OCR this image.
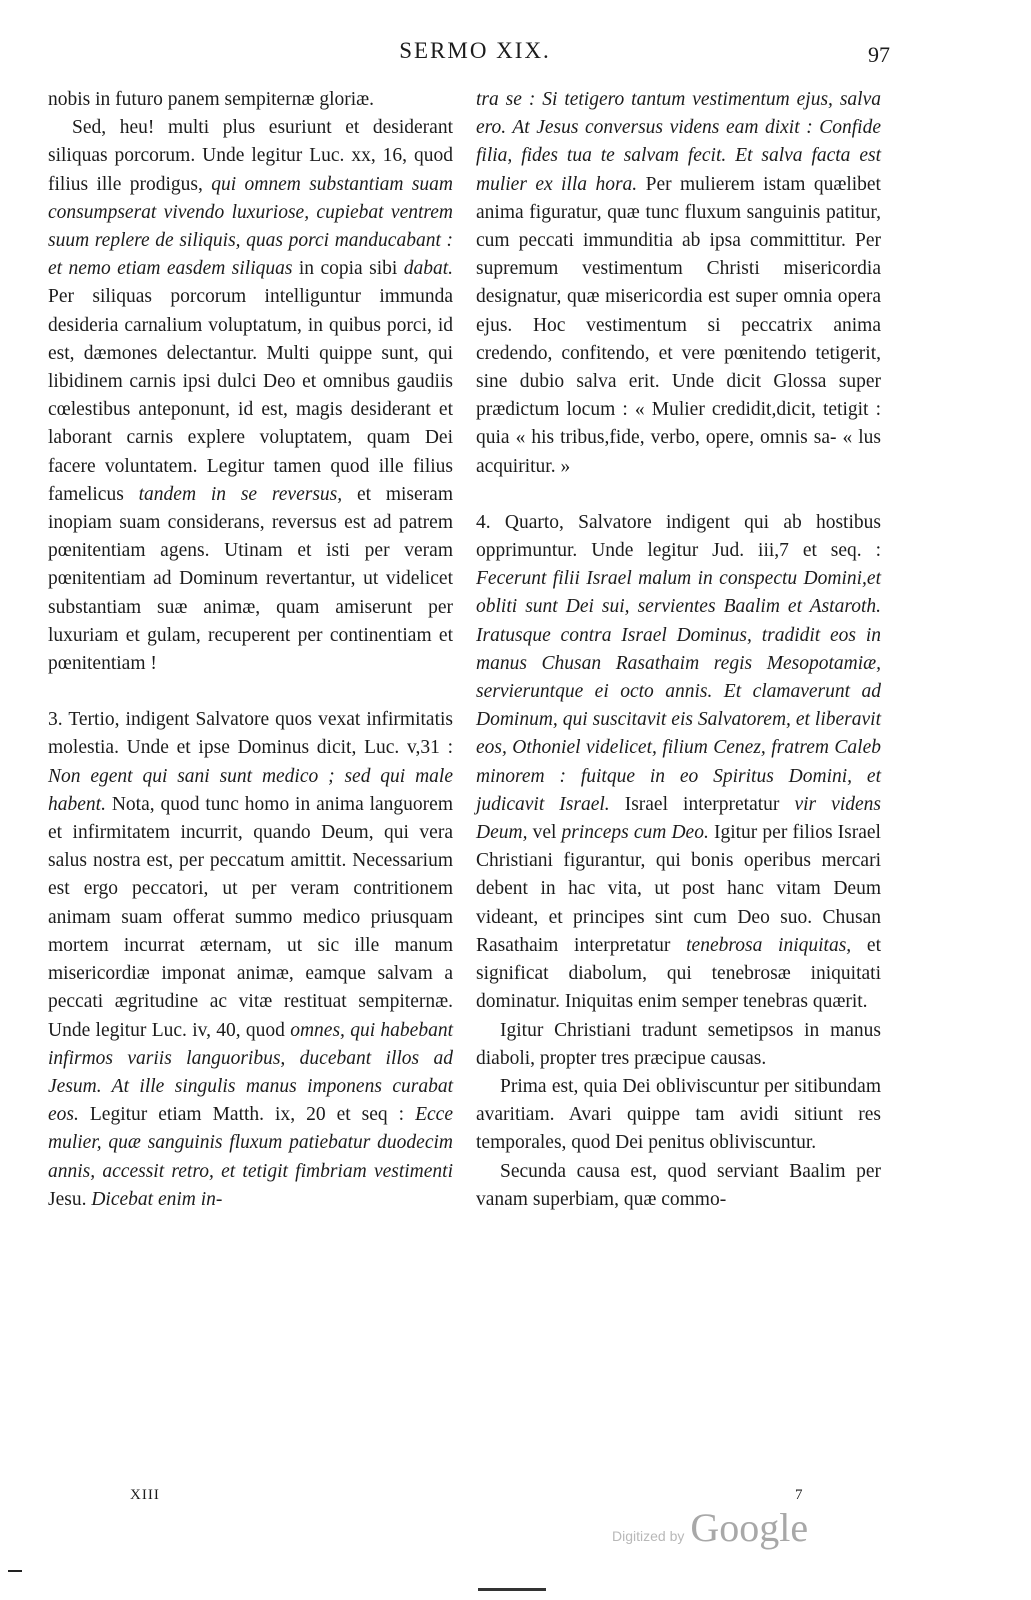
SERMO XIX.	97

nobis in futuro panem sempiternæ gloriæ.

Sed, heu! multi plus esuriunt et desiderant siliquas porcorum. Unde legitur Luc. xx, 16, quod filius ille prodigus, qui omnem substantiam suam consumpserat vivendo luxuriose, cupiebat ventrem suum replere de siliquis, quas porci manducabant : et nemo etiam easdem siliquas in copia sibi dabat. Per siliquas porcorum intelliguntur immunda desideria carnalium voluptatum, in quibus porci, id est, dæmones delectantur. Multi quippe sunt, qui libidinem carnis ipsi dulci Deo et omnibus gaudiis cœlestibus anteponunt, id est, magis desiderant et laborant carnis explere voluptatem, quam Dei facere voluntatem. Legitur tamen quod ille filius famelicus tandem in se reversus, et miseram inopiam suam considerans, reversus est ad patrem pœnitentiam agens. Utinam et isti per veram pœnitentiam ad Dominum revertantur, ut videlicet substantiam suæ animæ, quam amiserunt per luxuriam et gulam, recuperent per continentiam et pœnitentiam !

3. Tertio, indigent Salvatore quos vexat infirmitatis molestia. Unde et ipse Dominus dicit, Luc. v,31 : Non egent qui sani sunt medico ; sed qui male habent. Nota, quod tunc homo in anima languorem et infirmitatem incurrit, quando Deum, qui vera salus nostra est, per peccatum amittit. Necessarium est ergo peccatori, ut per veram contritionem animam suam offerat summo medico priusquam mortem incurrat æternam, ut sic ille manum misericordiæ imponat animæ, eamque salvam a peccati ægritudine ac vitæ restituat sempiternæ. Unde legitur Luc. iv, 40, quod omnes, qui habebant infirmos variis languoribus, ducebant illos ad Jesum. At ille singulis manus imponens curabat eos. Legitur etiam Matth. ix, 20 et seq : Ecce mulier, quæ sanguinis fluxum patiebatur duodecim annis, accessit retro, et tetigit fimbriam vestimenti Jesu. Dicebat enim in-

tra se : Si tetigero tantum vestimentum ejus, salva ero. At Jesus conversus videns eam dixit : Confide filia, fides tua te salvam fecit. Et salva facta est mulier ex illa hora. Per mulierem istam quælibet anima figuratur, quæ tunc fluxum sanguinis patitur, cum peccati immunditia ab ipsa committitur. Per supremum vestimentum Christi misericordia designatur, quæ misericordia est super omnia opera ejus. Hoc vestimentum si peccatrix anima credendo, confitendo, et vere pœnitendo tetigerit, sine dubio salva erit. Unde dicit Glossa super prædictum locum : « Mulier credidit,dicit, tetigit : quia « his tribus,fide, verbo, opere, omnis sa- « lus acquiritur. »

4. Quarto, Salvatore indigent qui ab hostibus opprimuntur. Unde legitur Jud. iii,7 et seq. : Fecerunt filii Israel malum in conspectu Domini,et obliti sunt Dei sui, servientes Baalim et Astaroth. Iratusque contra Israel Dominus, tradidit eos in manus Chusan Rasathaim regis Mesopotamiæ, servieruntque ei octo annis. Et clamaverunt ad Dominum, qui suscitavit eis Salvatorem, et liberavit eos, Othoniel videlicet, filium Cenez, fratrem Caleb minorem : fuitque in eo Spiritus Domini, et judicavit Israel. Israel interpretatur vir videns Deum, vel princeps cum Deo. Igitur per filios Israel Christiani figurantur, qui bonis operibus mercari debent in hac vita, ut post hanc vitam Deum videant, et principes sint cum Deo suo. Chusan Rasathaim interpretatur tenebrosa iniquitas, et significat diabolum, qui tenebrosæ iniquitati dominatur. Iniquitas enim semper tenebras quærit.

Igitur Christiani tradunt semetipsos in manus diaboli, propter tres præcipue causas.

Prima est, quia Dei obliviscuntur per sitibundam avaritiam. Avari quippe tam avidi sitiunt res temporales, quod Dei penitus obliviscuntur.

Secunda causa est, quod serviant Baalim per vanam superbiam, quæ commo-

XIII	7
Digitized by Google
